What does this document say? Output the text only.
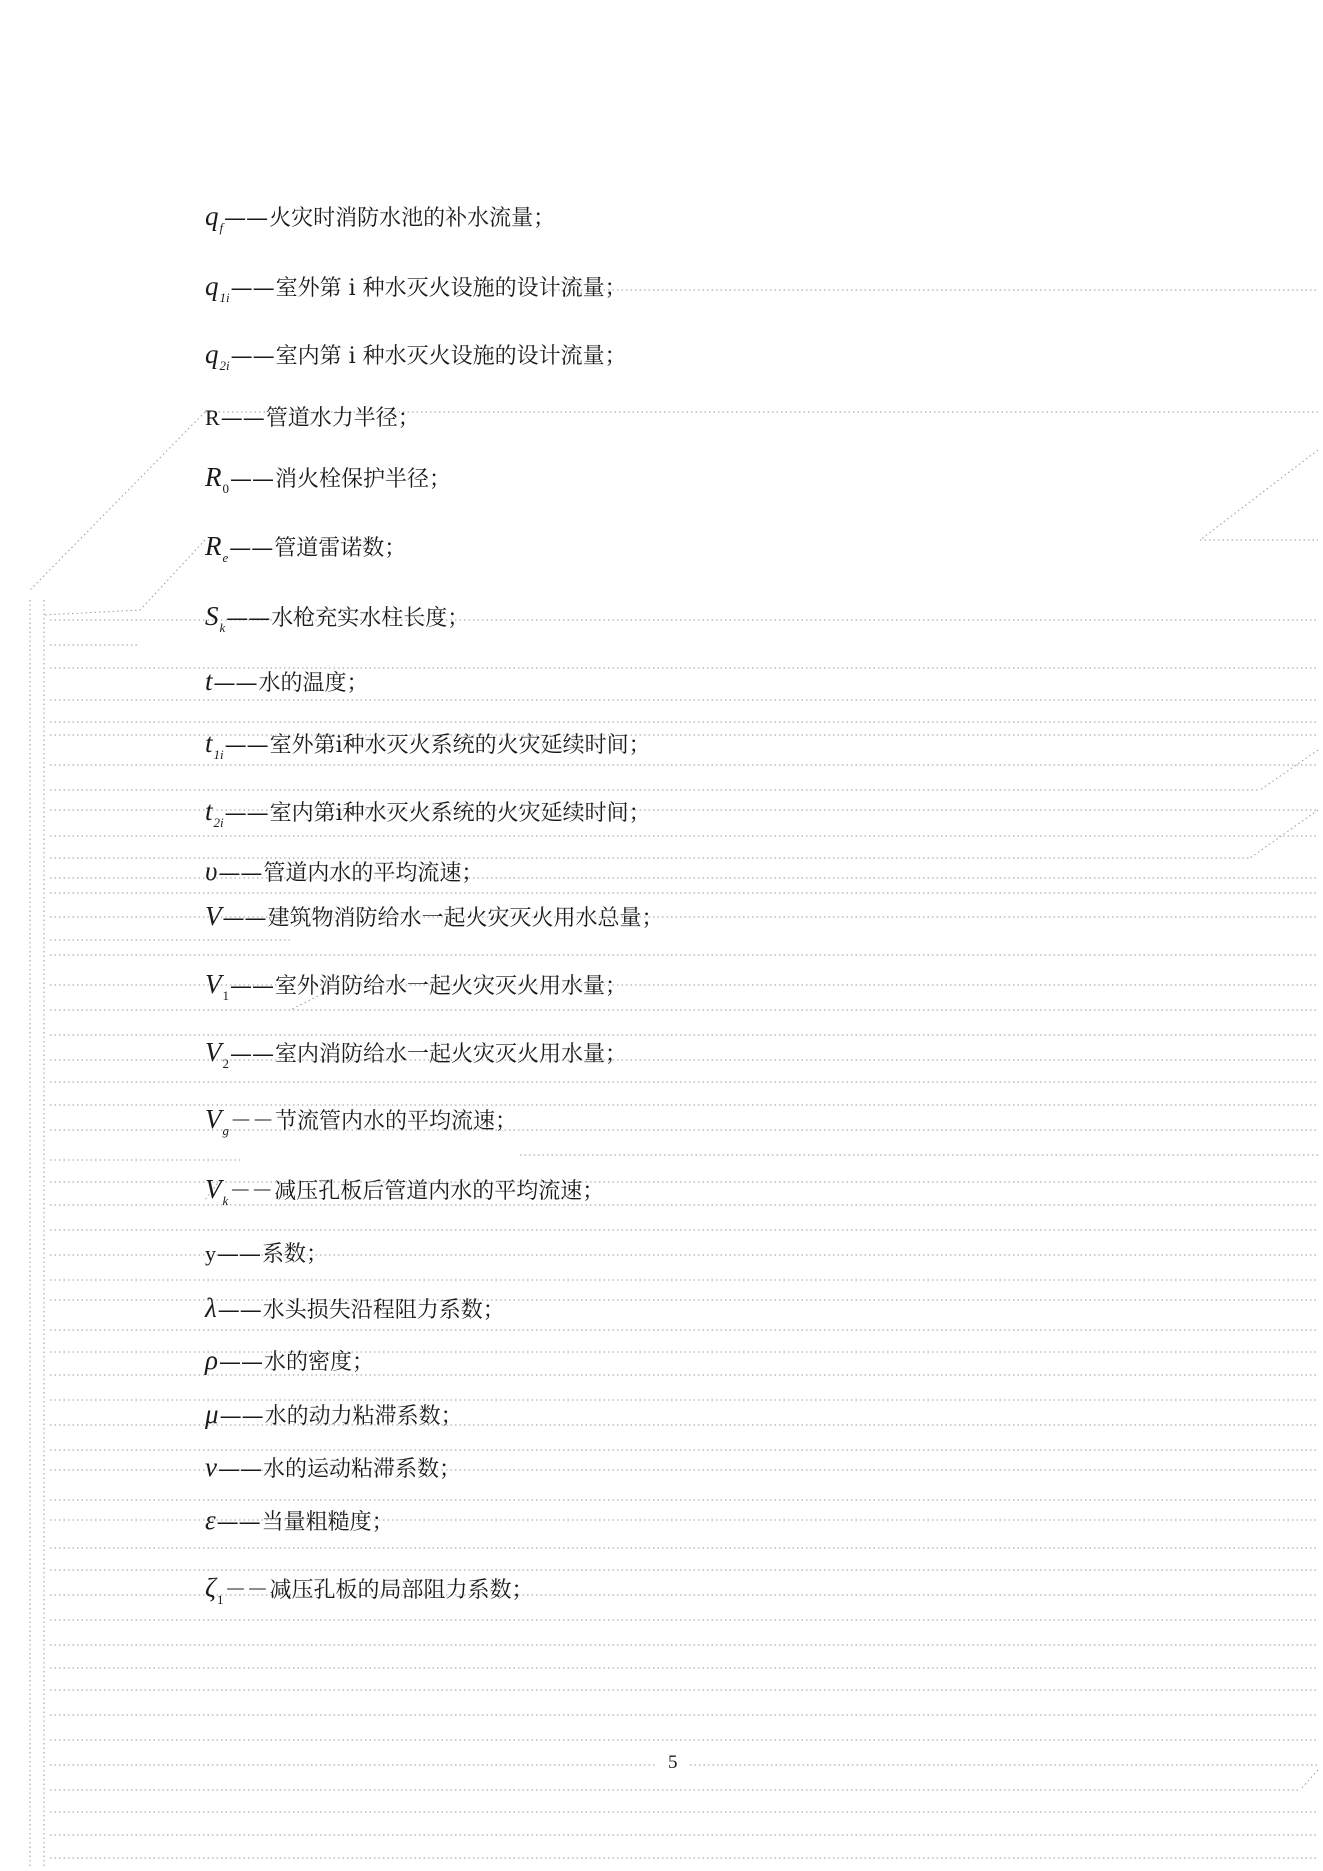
$q_f——$火灾时消防水池的补水流量；
$q_{1i}——$室外第 i 种水灭火设施的设计流量；
$q_{2i}——$室内第 i 种水灭火设施的设计流量；
R——管道水力半径；
$R_0——$消火栓保护半径；
$R_e——$管道雷诺数；
$S_k——$水枪充实水柱长度；
t——水的温度；
$t_{1i}——$室外第i种水灭火系统的火灾延续时间；
$t_{2i}——$室内第i种水灭火系统的火灾延续时间；
υ——管道内水的平均流速；
V——建筑物消防给水一起火灾灭火用水总量；
$V_1——$室外消防给水一起火灾灭火用水量；
$V_2——$室内消防给水一起火灾灭火用水量；
$V_g--$节流管内水的平均流速；
$V_k--$减压孔板后管道内水的平均流速；
y——系数；
λ——水头损失沿程阻力系数；
ρ——水的密度；
μ——水的动力粘滞系数；
ν——水的运动粘滞系数；
ε——当量粗糙度；
$\zeta_1--$减压孔板的局部阻力系数；
5
